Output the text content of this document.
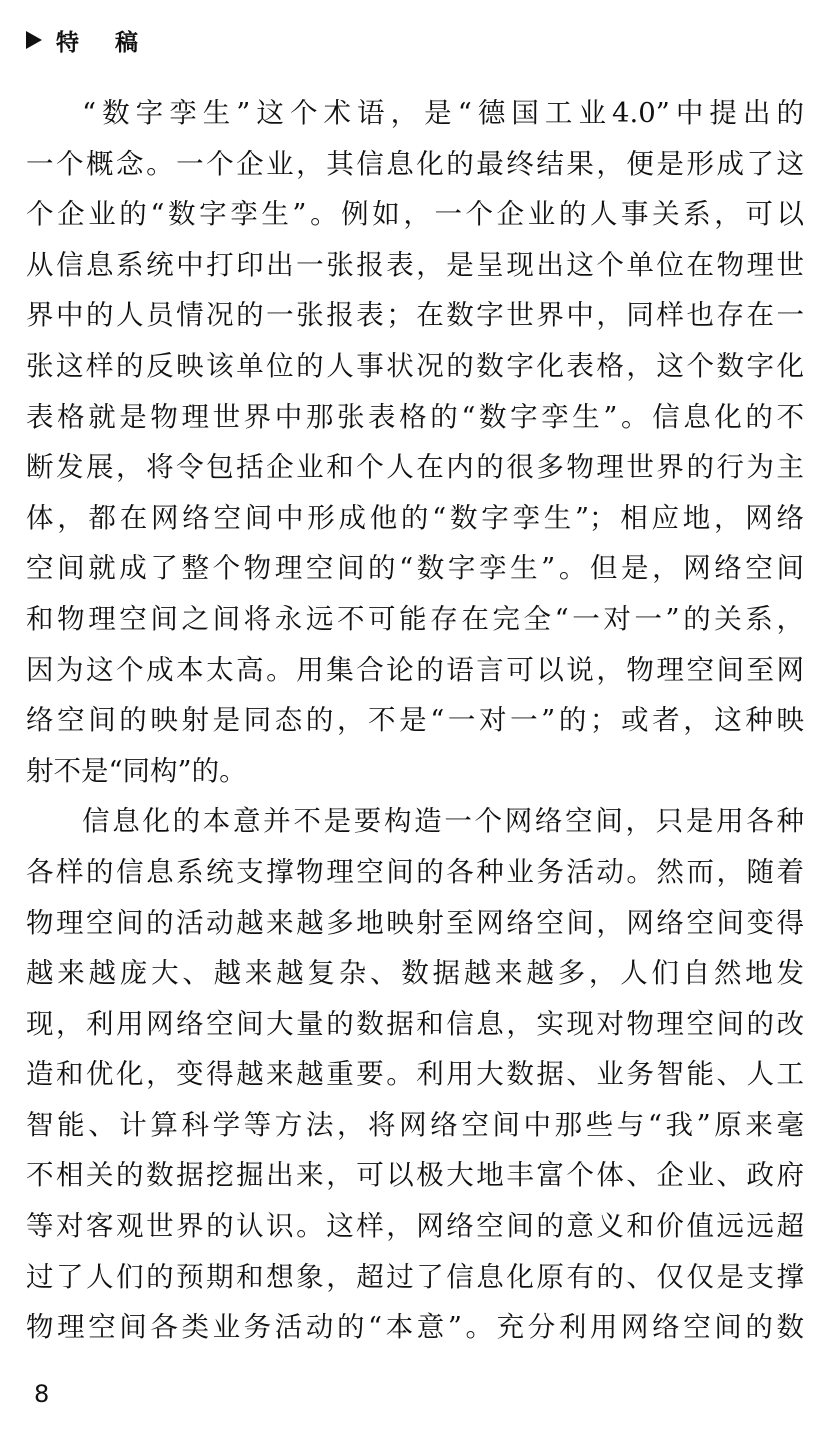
特稿
“数字孪生”这个术语，是“德国工业4.0”中提出的
一个概念。一个企业，其信息化的最终结果，便是形成了这
个企业的“数字孪生”。例如，一个企业的人事关系，可以
从信息系统中打印出一张报表，是呈现出这个单位在物理世
界中的人员情况的一张报表；在数字世界中，同样也存在一
张这样的反映该单位的人事状况的数字化表格，这个数字化
表格就是物理世界中那张表格的“数字孪生”。信息化的不
断发展，将令包括企业和个人在内的很多物理世界的行为主
体，都在网络空间中形成他的“数字孪生”；相应地，网络
空间就成了整个物理空间的“数字孪生”。但是，网络空间
和物理空间之间将永远不可能存在完全“一对一”的关系，
因为这个成本太高。用集合论的语言可以说，物理空间至网
络空间的映射是同态的，不是“一对一”的；或者，这种映
射不是“同构”的。
信息化的本意并不是要构造一个网络空间，只是用各种
各样的信息系统支撑物理空间的各种业务活动。然而，随着
物理空间的活动越来越多地映射至网络空间，网络空间变得
越来越庞大、越来越复杂、数据越来越多，人们自然地发
现，利用网络空间大量的数据和信息，实现对物理空间的改
造和优化，变得越来越重要。利用大数据、业务智能、人工
智能、计算科学等方法，将网络空间中那些与“我”原来毫
不相关的数据挖掘出来，可以极大地丰富个体、企业、政府
等对客观世界的认识。这样，网络空间的意义和价值远远超
过了人们的预期和想象，超过了信息化原有的、仅仅是支撑
物理空间各类业务活动的“本意”。充分利用网络空间的数
8
